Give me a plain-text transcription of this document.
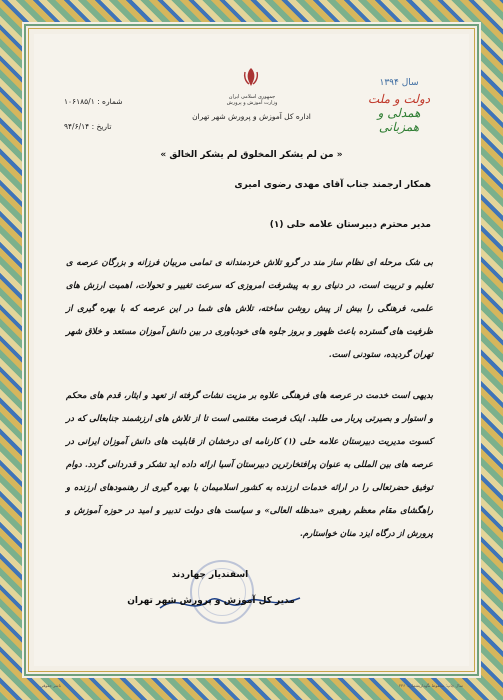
جمهوری اسلامی ایران
وزارت آموزش و پرورش
اداره کل آموزش و پرورش شهر تهران
شماره : ۱۰۶۱۸۵/۱
تاریخ : ۹۴/۶/۱۴
سال ۱۳۹۴
دولت و ملت
همدلی و همزبانی
« من لم یشکر المخلوق لم یشکر الخالق »
همکار ارجمند جناب آقای مهدی رضوی امیری
مدیر محترم دبیرستان علامه حلی (۱)
بی شک مرحله ای نظام ساز مند در گرو تلاش خردمندانه ی تمامی مربیان فرزانه و بزرگان عرصه ی تعلیم و تربیت است، در دنیای رو به پیشرفت امروزی که سرعت تغییر و تحولات، اهمیت ارزش های علمی، فرهنگی را بیش از پیش روشن ساخته، تلاش های شما در این عرصه که با بهره گیری از ظرفیت های گسترده باعث ظهور و بروز جلوه های خودباوری در بین دانش آموزان مستعد و خلاق شهر تهران گردیده، ستودنی است.
بدیهی است خدمت در عرصه های فرهنگی علاوه بر مزیت نشات گرفته از تعهد و ایثار، قدم های محکم و استوار و بصیرتی پربار می طلبد. اینک فرصت مغتنمی است تا از تلاش های ارزشمند جنابعالی که در کسوت مدیریت دبیرستان علامه حلی (۱) کارنامه ای درخشان از قابلیت های دانش آموزان ایرانی در عرصه های بین المللی به عنوان پرافتخارترین دبیرستان آسیا ارائه داده اید تشکر و قدردانی گردد. دوام توفیق حضرتعالی را در ارائه خدمات ارزنده به کشور اسلامیمان با بهره گیری از رهنمودهای ارزنده و راهگشای مقام معظم رهبری «مدظله العالی» و سیاست های دولت تدبیر و امید در حوزه آموزش و پرورش از درگاه ایزد منان خواستارم.
اسفندیار چهاردند
مدیر کل آموزش و پرورش شهر تهران
ناشر حقوقی	سال چاپ: محفوظ نگهداریشماره: ۳۳۶
